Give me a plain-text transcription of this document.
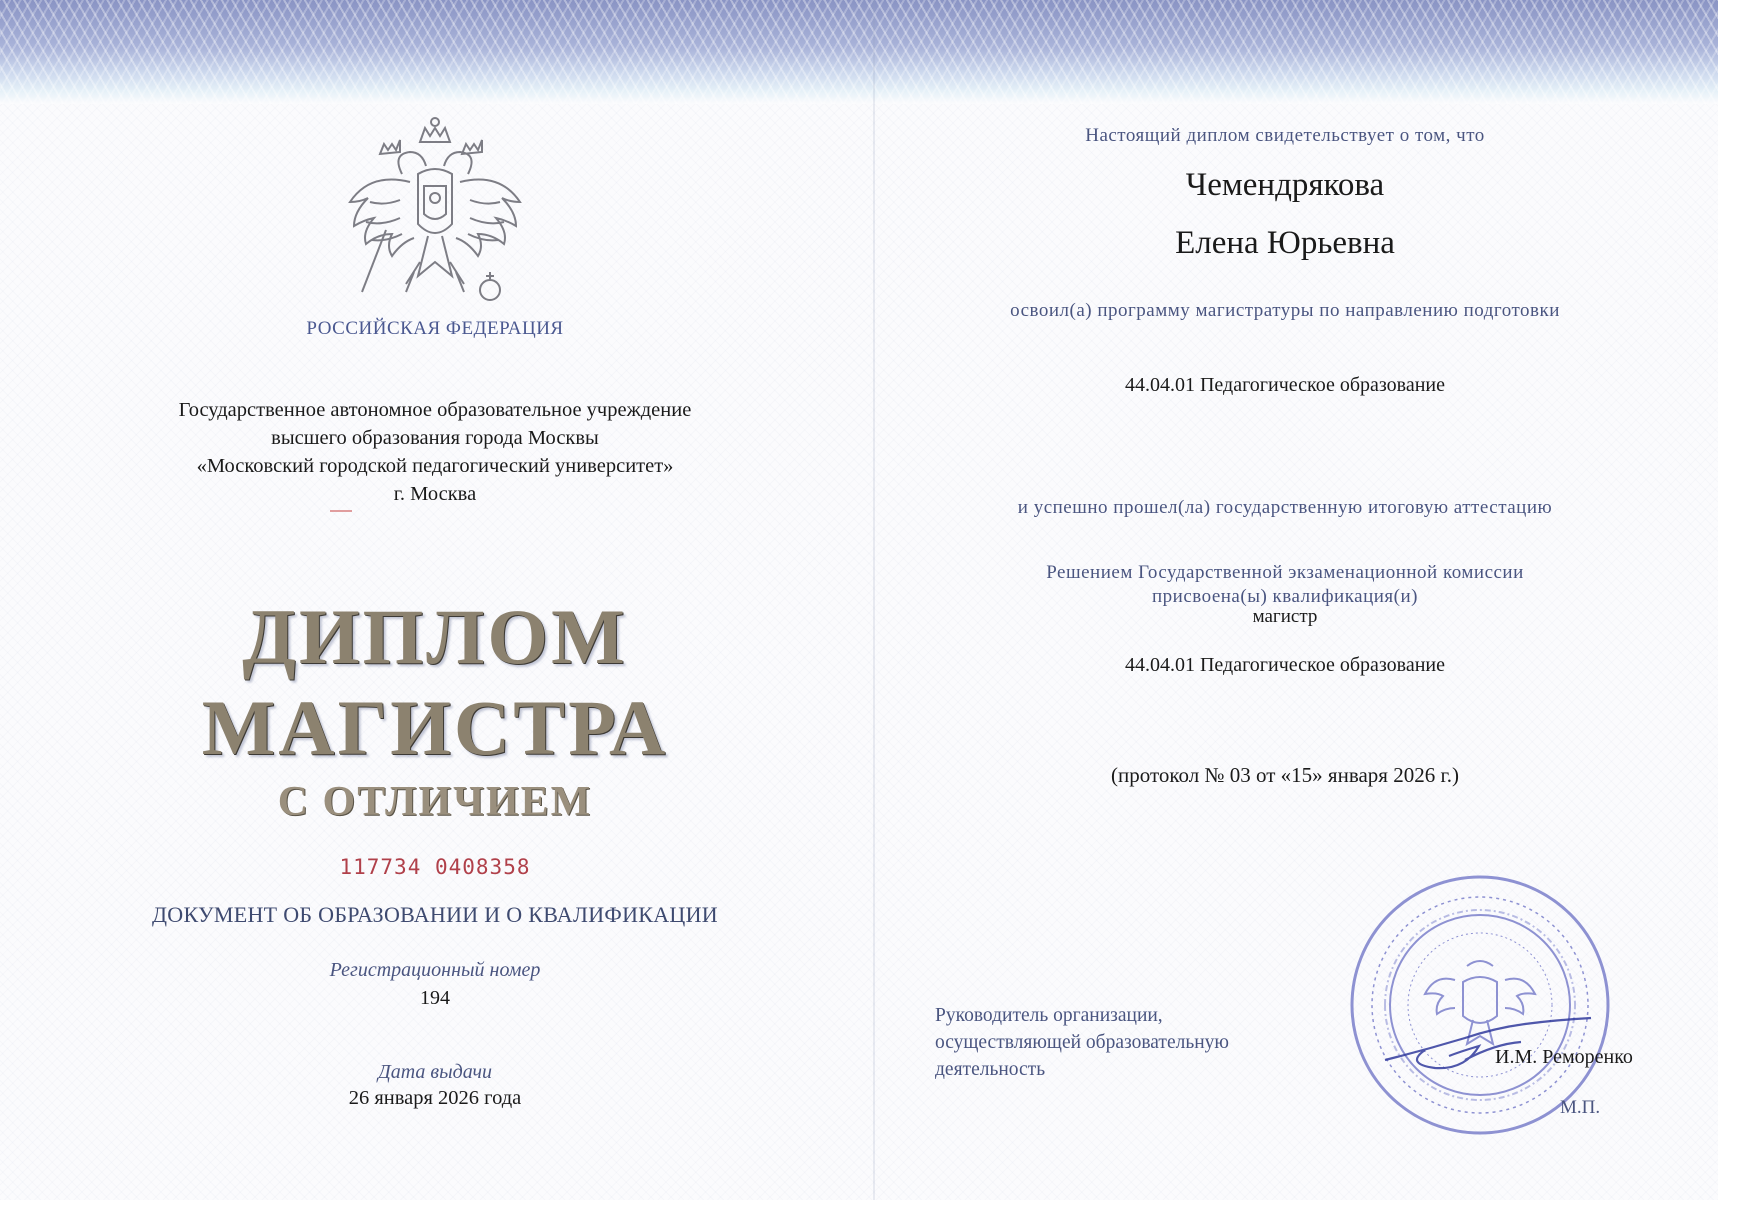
РОССИЙСКАЯ ФЕДЕРАЦИЯ
Государственное автономное образовательное учреждение
высшего образования города Москвы
«Московский городской педагогический университет»
г. Москва
ДИПЛОМ
МАГИСТРА
С ОТЛИЧИЕМ
117734 0408358
ДОКУМЕНТ ОБ ОБРАЗОВАНИИ И О КВАЛИФИКАЦИИ
Регистрационный номер
194
Дата выдачи
26 января 2026 года
Настоящий диплом свидетельствует о том, что
Чемендрякова
Елена Юрьевна
освоил(а) программу магистратуры по направлению подготовки
44.04.01 Педагогическое образование
и успешно прошел(ла) государственную итоговую аттестацию
Решением Государственной экзаменационной комиссии
присвоена(ы) квалификация(и)
магистр
44.04.01 Педагогическое образование
(протокол № 03 от «15» января 2026 г.)
Руководитель организации,
осуществляющей образовательную
деятельность
И.М. Реморенко
М.П.
